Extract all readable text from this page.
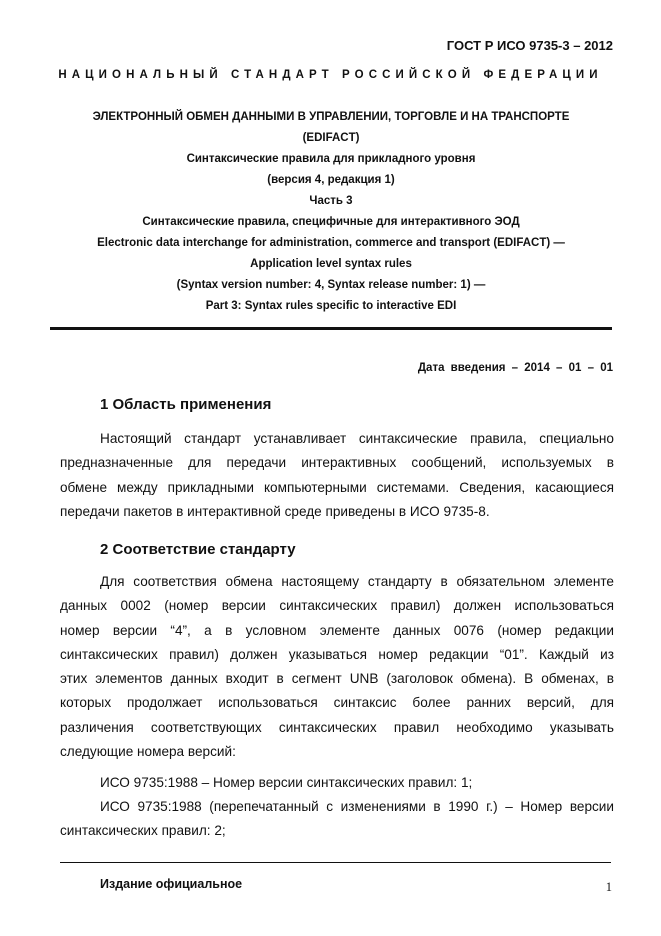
ГОСТ Р ИСО 9735-3 – 2012
НАЦИОНАЛЬНЫЙ СТАНДАРТ РОССИЙСКОЙ ФЕДЕРАЦИИ
ЭЛЕКТРОННЫЙ ОБМЕН ДАННЫМИ В УПРАВЛЕНИИ, ТОРГОВЛЕ И НА ТРАНСПОРТЕ
(EDIFACT)
Синтаксические правила для прикладного уровня
(версия 4, редакция 1)
Часть 3
Синтаксические правила, специфичные для интерактивного ЭОД
Electronic data interchange for administration, commerce and transport (EDIFACT) —
Application level syntax rules
(Syntax version number: 4, Syntax release number: 1) —
Part 3: Syntax rules specific to interactive EDI
Дата введения – 2014 – 01 – 01
1 Область применения
Настоящий стандарт устанавливает синтаксические правила, специально
предназначенные для передачи интерактивных сообщений, используемых в
обмене между прикладными компьютерными системами. Сведения, касающиеся
передачи пакетов в интерактивной среде приведены в ИСО 9735-8.
2 Соответствие стандарту
Для соответствия обмена настоящему стандарту в обязательном элементе
данных 0002 (номер версии синтаксических правил) должен использоваться
номер версии “4”, а в условном элементе данных 0076 (номер редакции
синтаксических правил) должен указываться номер редакции “01”. Каждый из
этих элементов данных входит в сегмент UNB (заголовок обмена). В обменах, в
которых продолжает использоваться синтаксис более ранних версий, для
различения соответствующих синтаксических правил необходимо указывать
следующие номера версий:
ИСО 9735:1988 – Номер версии синтаксических правил: 1;
ИСО 9735:1988 (перепечатанный с изменениями в 1990 г.) – Номер версии
синтаксических правил: 2;
Издание официальное	1
